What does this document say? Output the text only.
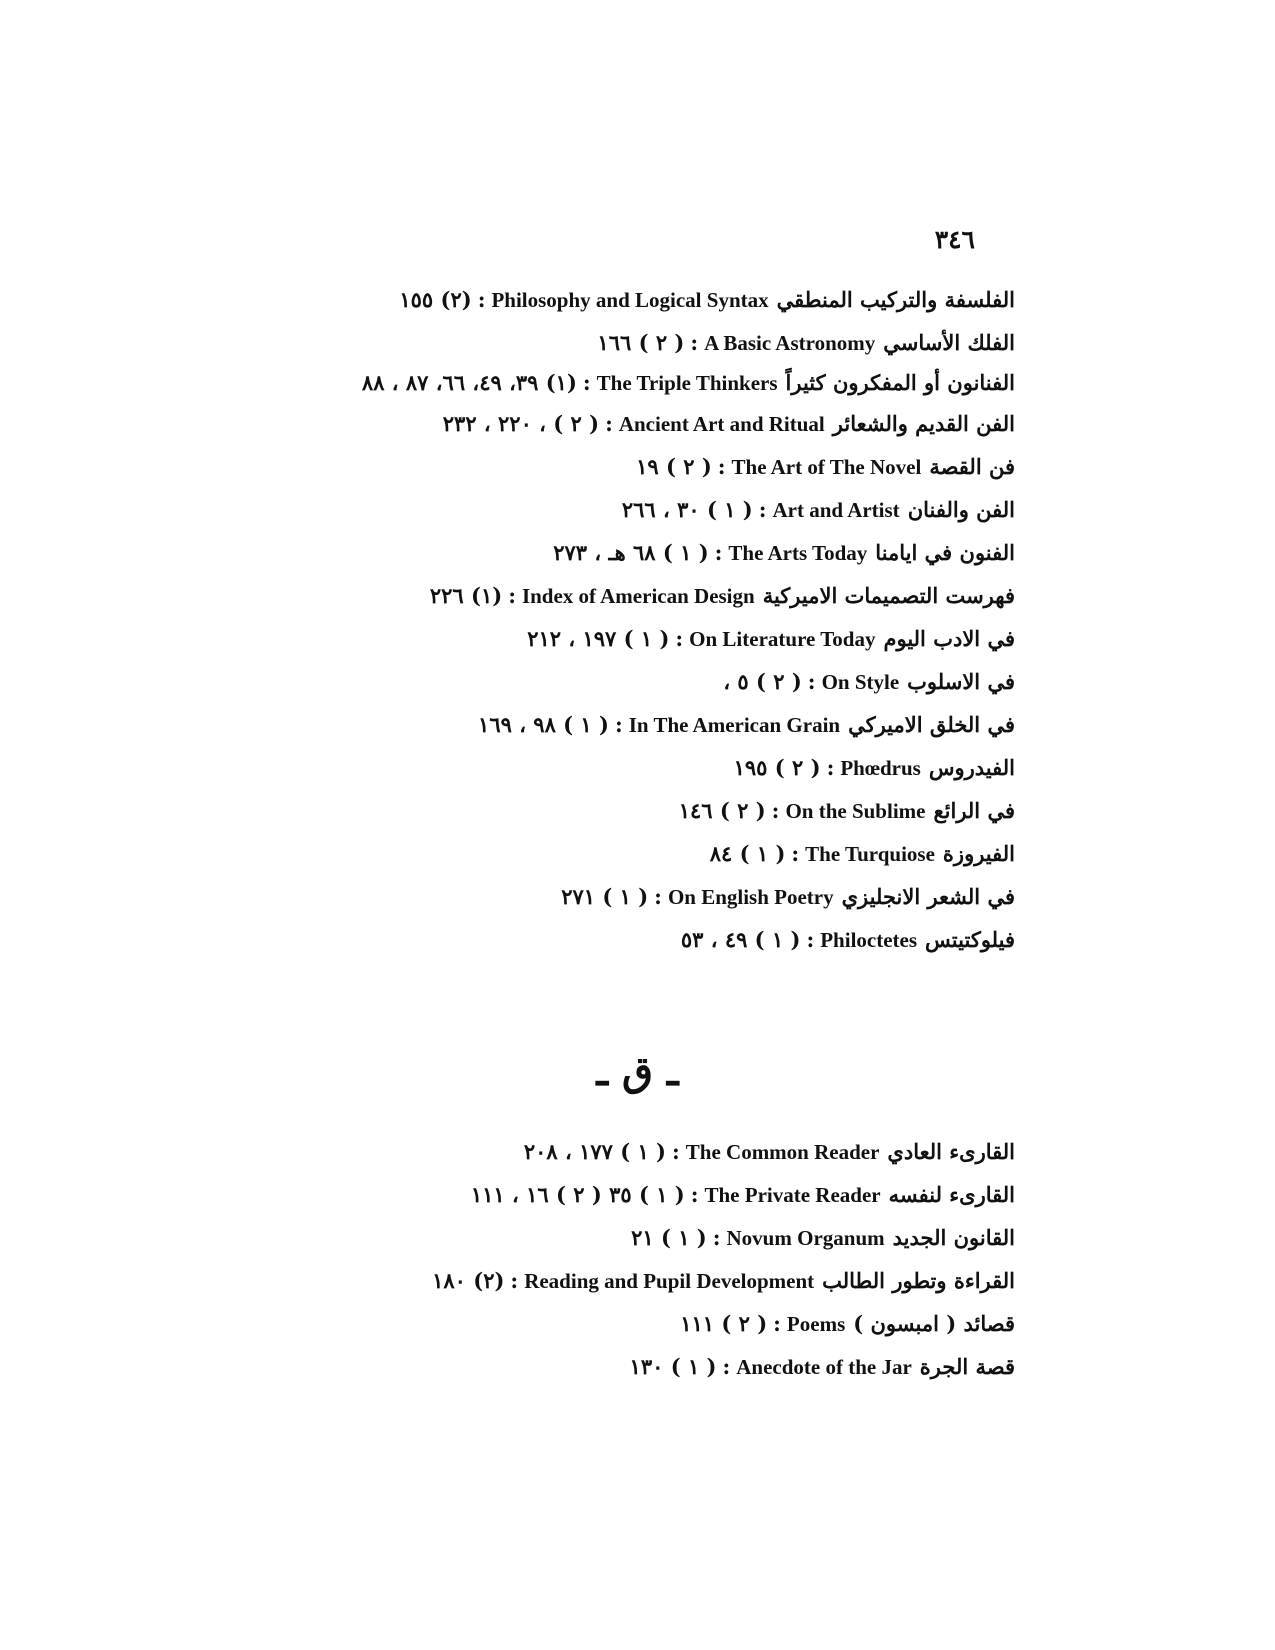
٣٤٦
الفلسفة والتركيب المنطقيPhilosophy and Logical Syntax:(٢) ١٥٥
الفلك الأساسيA Basic Astronomy:( ٢ ) ١٦٦
الفنانون أو المفكرون كثيراًThe Triple Thinkers:(١) ٣٩، ٤٩، ٦٦، ٨٧ ، ٨٨
الفن القديم والشعائرAncient Art and Ritual:( ٢ ) ، ٢٢٠ ، ٢٣٢
فن القصةThe Art of The Novel:( ٢ ) ١٩
الفن والفنانArt and Artist:( ١ ) ٣٠ ، ٢٦٦
الفنون في ايامناThe Arts Today:( ١ ) ٦٨ هـ ، ٢٧٣
فهرست التصميمات الاميركيةIndex of American Design:(١) ٢٢٦
في الادب اليومOn Literature Today:( ١ ) ١٩٧ ، ٢١٢
في الاسلوبOn Style:( ٢ ) ٥ ،
في الخلق الاميركيIn The American Grain:( ١ ) ٩٨ ، ١٦٩
الفيدروسPhœdrus:( ٢ ) ١٩٥
في الرائعOn the Sublime:( ٢ ) ١٤٦
الفيروزةThe Turquiose:( ١ ) ٨٤
في الشعر الانجليزيOn English Poetry:( ١ ) ٢٧١
فيلوكتيتسPhiloctetes:( ١ ) ٤٩ ، ٥٣
ـ ق ـ
القارىء العاديThe Common Reader:( ١ ) ١٧٧ ، ٢٠٨
القارىء لنفسهThe Private Reader:( ١ ) ٣٥ ( ٢ ) ١٦ ، ١١١
القانون الجديدNovum Organum:( ١ ) ٢١
القراءة وتطور الطالبReading and Pupil Development:(٢) ١٨٠
قصائد ( امبسون )Poems:( ٢ ) ١١١
قصة الجرةAnecdote of the Jar:( ١ ) ١٣٠
